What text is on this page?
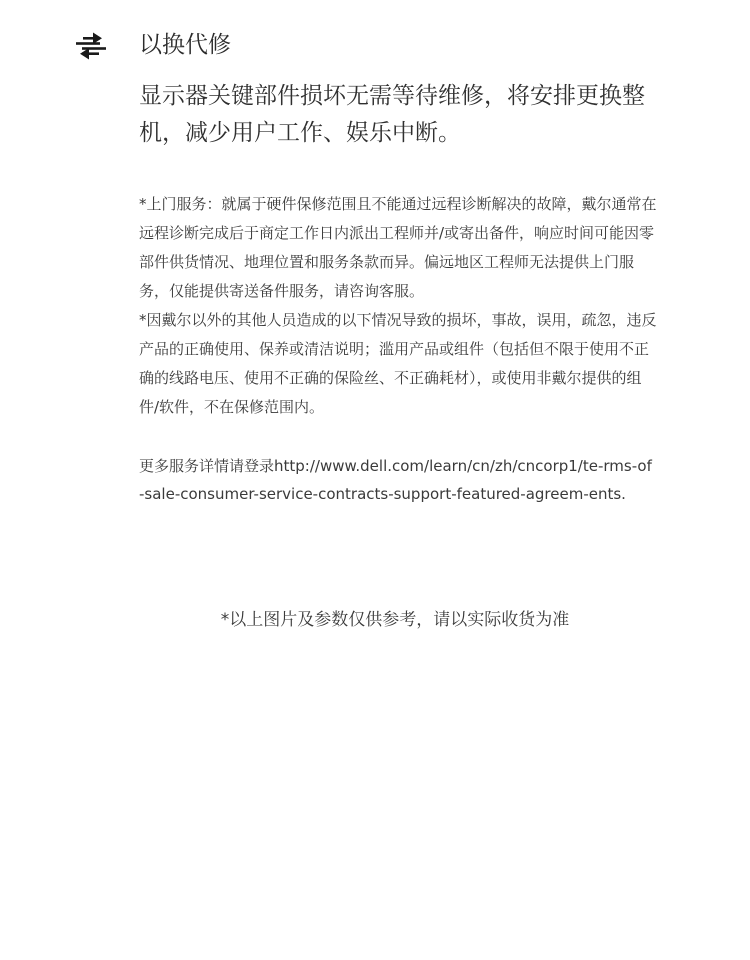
以换代修
显示器关键部件损坏无需等待维修，将安排更换整机，减少用户工作、娱乐中断。

*上门服务：就属于硬件保修范围且不能通过远程诊断解决的故障，戴尔通常在远程诊断完成后于商定工作日内派出工程师并/或寄出备件，响应时间可能因零部件供货情况、地理位置和服务条款而异。偏远地区工程师无法提供上门服务，仅能提供寄送备件服务，请咨询客服。

*因戴尔以外的其他人员造成的以下情况导致的损坏，事故，误用，疏忽，违反产品的正确使用、保养或清洁说明；滥用产品或组件（包括但不限于使用不正确的线路电压、使用不正确的保险丝、不正确耗材），或使用非戴尔提供的组件/软件，不在保修范围内。

更多服务详情请登录http://www.dell.com/learn/cn/zh/cncorp1/te-rms-of-sale-consumer-service-contracts-support-featured-agreem-ents.
*以上图片及参数仅供参考，请以实际收货为准
